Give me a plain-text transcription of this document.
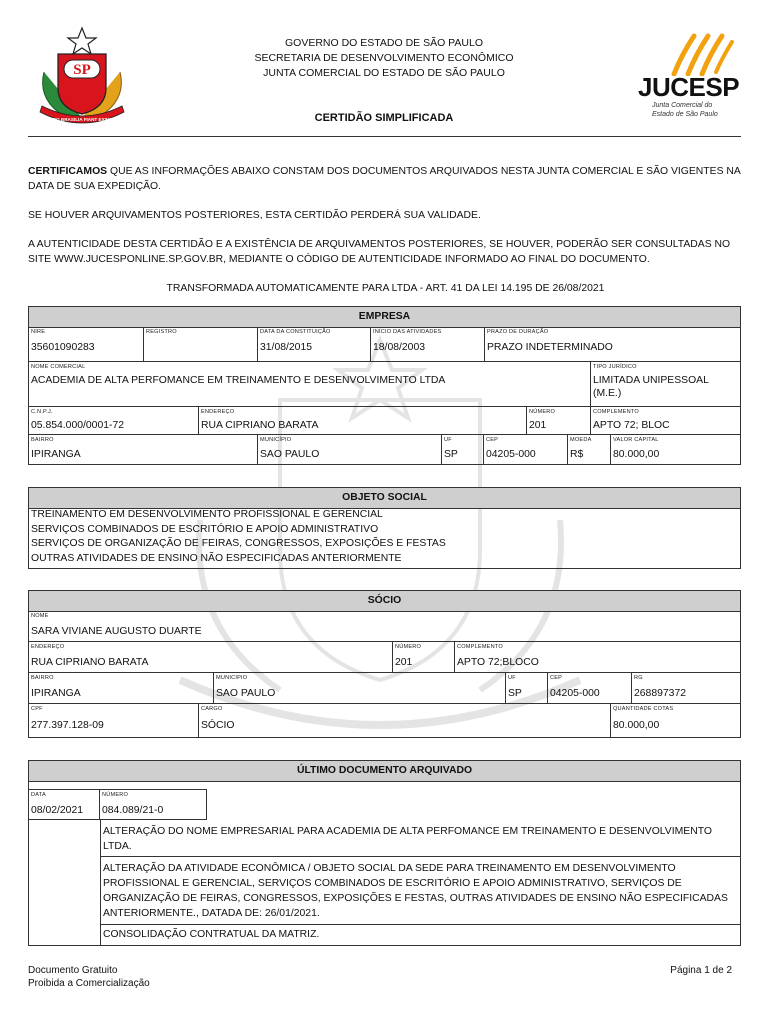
SP
PRO BRASILIA FIANT EXIMIA
GOVERNO DO ESTADO DE SÃO PAULO
SECRETARIA DE DESENVOLVIMENTO ECONÔMICO
JUNTA COMERCIAL DO ESTADO DE SÃO PAULO
CERTIDÃO SIMPLIFICADA
JUCESP
Junta Comercial do
Estado de São Paulo
CERTIFICAMOS QUE AS INFORMAÇÕES ABAIXO CONSTAM DOS DOCUMENTOS ARQUIVADOS NESTA JUNTA COMERCIAL E SÃO VIGENTES NA DATA DE SUA EXPEDIÇÃO.
SE HOUVER ARQUIVAMENTOS POSTERIORES, ESTA CERTIDÃO PERDERÁ SUA VALIDADE.
A AUTENTICIDADE DESTA CERTIDÃO E A EXISTÊNCIA DE ARQUIVAMENTOS POSTERIORES, SE HOUVER, PODERÃO SER CONSULTADAS NO SITE WWW.JUCESPONLINE.SP.GOV.BR, MEDIANTE O CÓDIGO DE AUTENTICIDADE INFORMADO AO FINAL DO DOCUMENTO.
TRANSFORMADA AUTOMATICAMENTE PARA LTDA - ART. 41 DA LEI 14.195 DE 26/08/2021
EMPRESA
NIRE
35601090283
REGISTRO	DATA DA CONSTITUIÇÃO
31/08/2015
INÍCIO DAS ATIVIDADES
18/08/2003
PRAZO DE DURAÇÃO
PRAZO INDETERMINADO
NOME COMERCIAL
ACADEMIA DE ALTA PERFOMANCE EM TREINAMENTO E DESENVOLVIMENTO LTDA
TIPO JURÍDICO
LIMITADA UNIPESSOAL (M.E.)
C.N.P.J.
05.854.000/0001-72
ENDEREÇO
RUA CIPRIANO BARATA
NÚMERO
201
COMPLEMENTO
APTO 72; BLOC
BAIRRO
IPIRANGA
MUNICÍPIO
SAO PAULO
UF
SP
CEP
04205-000
MOEDA
R$
VALOR CAPITAL
80.000,00
OBJETO SOCIAL
TREINAMENTO EM DESENVOLVIMENTO PROFISSIONAL E GERENCIAL
SERVIÇOS COMBINADOS DE ESCRITÓRIO E APOIO ADMINISTRATIVO
SERVIÇOS DE ORGANIZAÇÃO DE FEIRAS, CONGRESSOS, EXPOSIÇÕES E FESTAS
OUTRAS ATIVIDADES DE ENSINO NÃO ESPECIFICADAS ANTERIORMENTE
SÓCIO
NOME
SARA VIVIANE AUGUSTO DUARTE
ENDEREÇO
RUA CIPRIANO BARATA
NÚMERO
201
COMPLEMENTO
APTO 72;BLOCO
BAIRRO
IPIRANGA
MUNICIPIO
SAO PAULO
UF
SP
CEP
04205-000
RG
268897372
CPF
277.397.128-09
CARGO
SÓCIO
QUANTIDADE COTAS
80.000,00
ÚLTIMO DOCUMENTO ARQUIVADO
DATA
08/02/2021
NÚMERO
084.089/21-0
ALTERAÇÃO DO NOME EMPRESARIAL PARA ACADEMIA DE ALTA PERFOMANCE EM TREINAMENTO E DESENVOLVIMENTO LTDA.
ALTERAÇÃO DA ATIVIDADE ECONÔMICA / OBJETO SOCIAL DA SEDE PARA TREINAMENTO EM DESENVOLVIMENTO PROFISSIONAL E GERENCIAL, SERVIÇOS COMBINADOS DE ESCRITÓRIO E APOIO ADMINISTRATIVO, SERVIÇOS DE ORGANIZAÇÃO DE FEIRAS, CONGRESSOS, EXPOSIÇÕES E FESTAS, OUTRAS ATIVIDADES DE ENSINO NÃO ESPECIFICADAS ANTERIORMENTE., DATADA DE: 26/01/2021.
CONSOLIDAÇÃO CONTRATUAL DA MATRIZ.
Documento Gratuito
Proibida a Comercialização
Página 1 de 2
